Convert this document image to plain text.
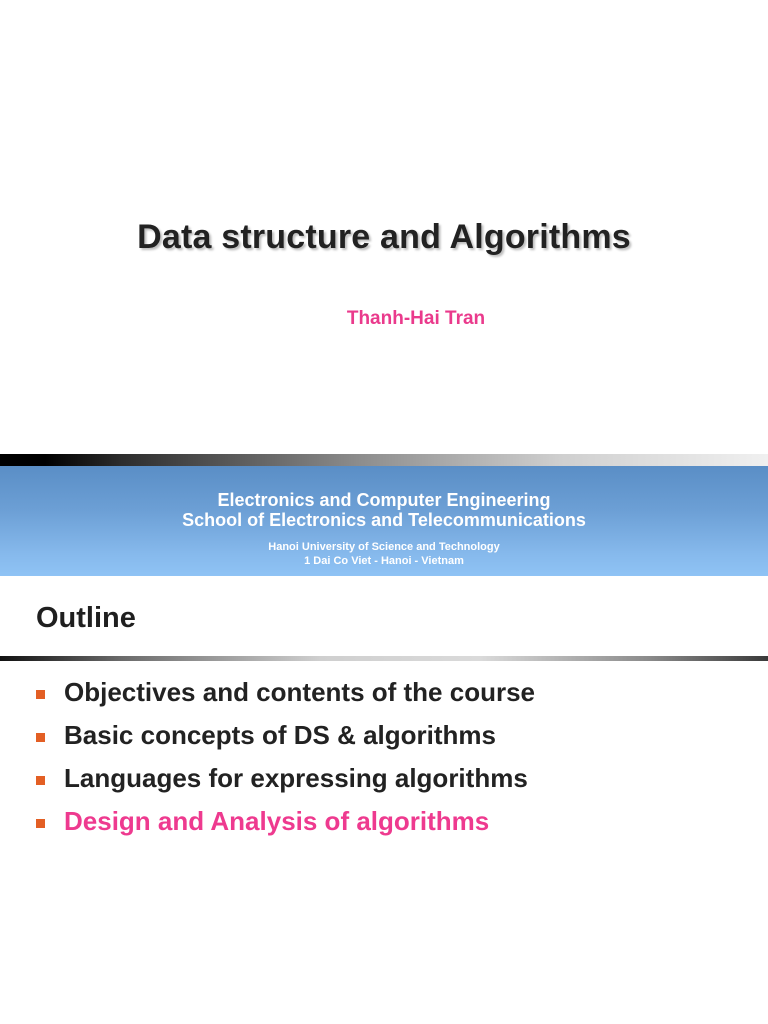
Data structure and Algorithms
Thanh-Hai Tran
Electronics and Computer Engineering
School of Electronics and Telecommunications
Hanoi University of Science and Technology
1 Dai Co Viet - Hanoi - Vietnam
Outline
Objectives and contents of the course
Basic concepts of DS & algorithms
Languages for expressing algorithms
Design and Analysis of algorithms
